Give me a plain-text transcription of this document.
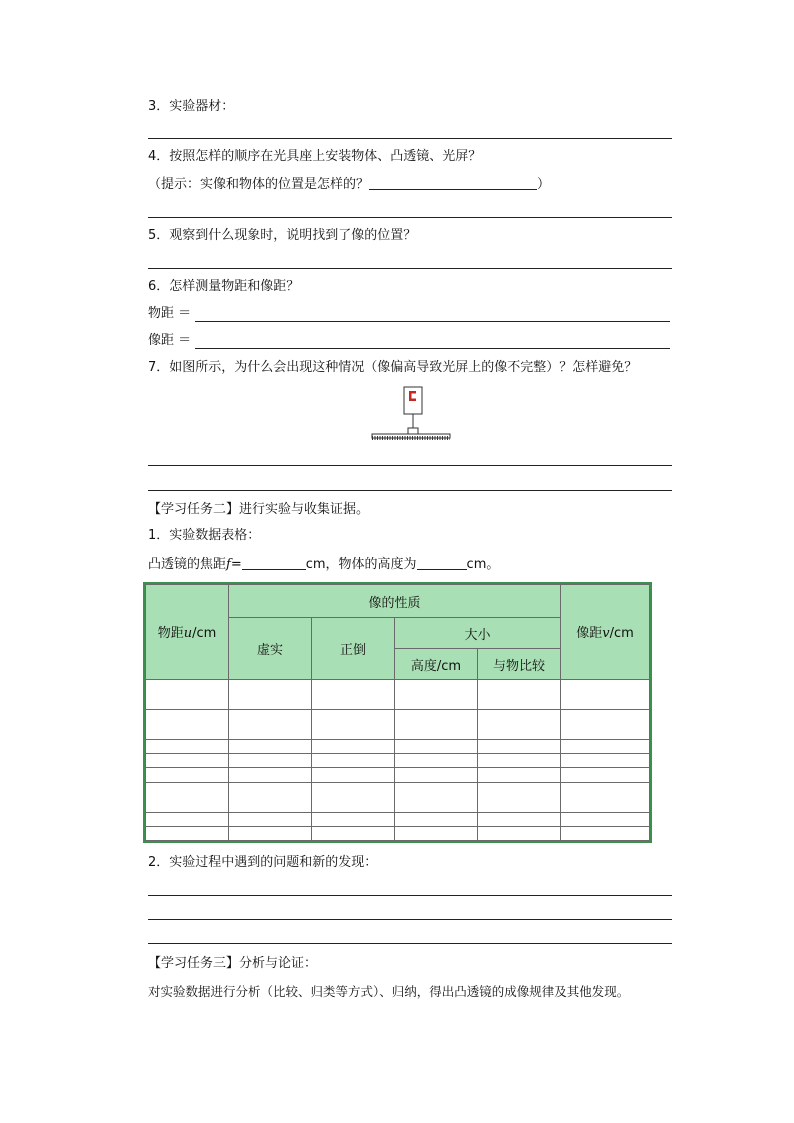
3．实验器材：
4．按照怎样的顺序在光具座上安装物体、凸透镜、光屏？
（提示：实像和物体的位置是怎样的？	）
5．观察到什么现象时，说明找到了像的位置？
6．怎样测量物距和像距？
物距 ＝
像距 ＝
7．如图所示，为什么会出现这种情况（像偏高导致光屏上的像不完整）？怎样避免？
【学习任务二】进行实验与收集证据。
1．实验数据表格：
凸透镜的焦距f=	cm，物体的高度为	cm。
物距u/cm	像的性质				像距v/cm
	虚实	正倒	大小		
			高度/cm	与物比较	

2．实验过程中遇到的问题和新的发现：
【学习任务三】分析与论证：
对实验数据进行分析（比较、归类等方式）、归纳，得出凸透镜的成像规律及其他发现。
